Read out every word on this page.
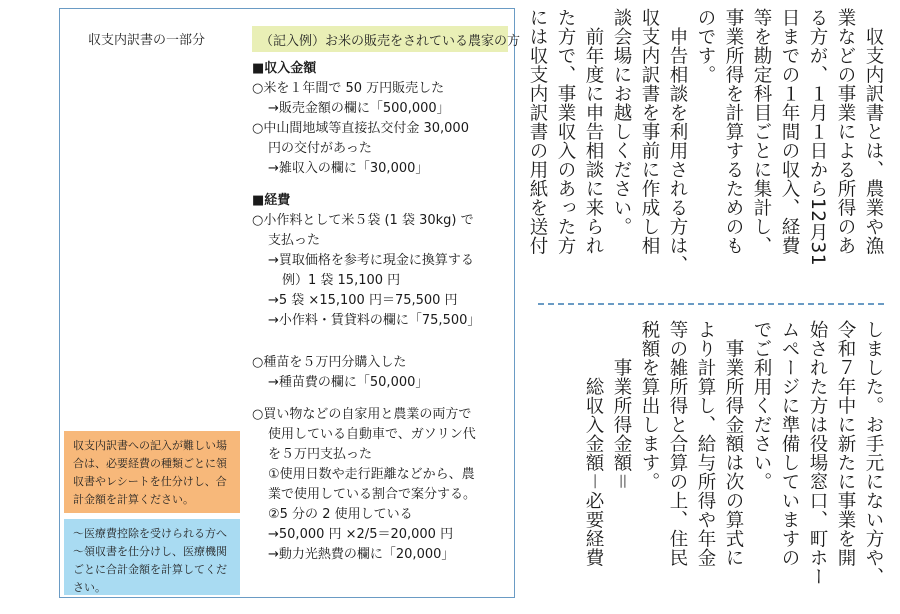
収支内訳書の一部分	（記入例）お米の販売をされている農家の方
■収入金額
○米を１年間で 50 万円販売した
→販売金額の欄に「500,000」
○中山間地域等直接払交付金 30,000
円の交付があった
→雑収入の欄に「30,000」
■経費
○小作料として米５袋 (1 袋 30kg) で
支払った
→買取価格を参考に現金に換算する
例）1 袋 15,100 円
→5 袋 ×15,100 円＝75,500 円
→小作料・賃貸料の欄に「75,500」
○種苗を５万円分購入した
→種苗費の欄に「50,000」
○買い物などの自家用と農業の両方で
使用している自動車で、ガソリン代
を５万円支払った
①使用日数や走行距離などから、農
業で使用している割合で案分する。
②5 分の 2 使用している
→50,000 円 ×2/5＝20,000 円
→動力光熱費の欄に「20,000」
収支内訳書への記入が難しい場合は、必要経費の種類ごとに領収書やレシートを仕分けし、合計金額を計算ください。
～医療費控除を受けられる方へ～領収書を仕分けし、医療機関ごとに合計金額を計算してください。
　収支内訳書とは、農業や漁
業などの事業による所得のあ
る方が、１月１日から12月31
日までの１年間の収入、経費
等を勘定科目ごとに集計し、
事業所得を計算するためのも
のです。
　申告相談を利用される方は、
収支内訳書を事前に作成し相
談会場にお越しください。
　前年度に申告相談に来られ
た方で、事業収入のあった方
には収支内訳書の用紙を送付
しました。お手元にない方や、
令和７年中に新たに事業を開
始された方は役場窓口、町ホー
ムページに準備していますの
でご利用ください。
　事業所得金額は次の算式に
より計算し、給与所得や年金
等の雑所得と合算の上、住民
税額を算出します。
　　事業所得金額＝
　　　総収入金額－必要経費
